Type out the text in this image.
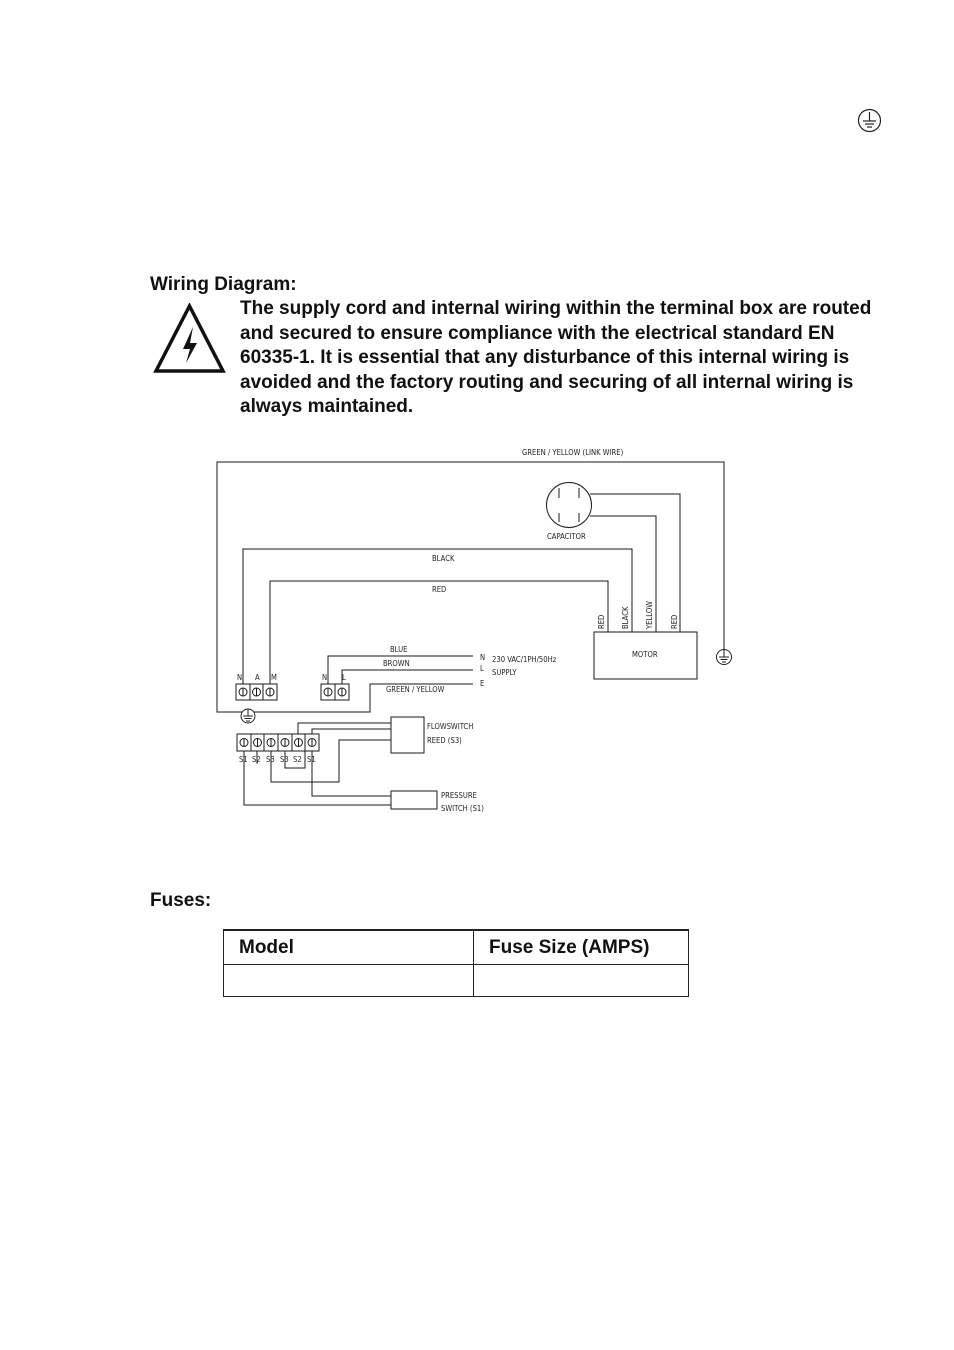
Wiring Diagram:
The supply cord and internal wiring within the terminal box are routed and secured to ensure compliance with the electrical standard EN 60335-1. It is essential that any disturbance of this internal wiring is avoided and the factory routing and securing of all internal wiring is always maintained.
GREEN / YELLOW (LINK WIRE)
CAPACITOR
BLACK
RED
RED BLACK YELLOW RED
MOTOR
BLUE
BROWN
GREEN / YELLOW
N
L
E
230 VAC/1PH/50Hz
SUPPLY
N A M	N L
S1 S2 S3 S3 S2 S1
FLOWSWITCH
REED (S3)
PRESSURE
SWITCH (S1)
Fuses:
Model	Fuse Size (AMPS)
